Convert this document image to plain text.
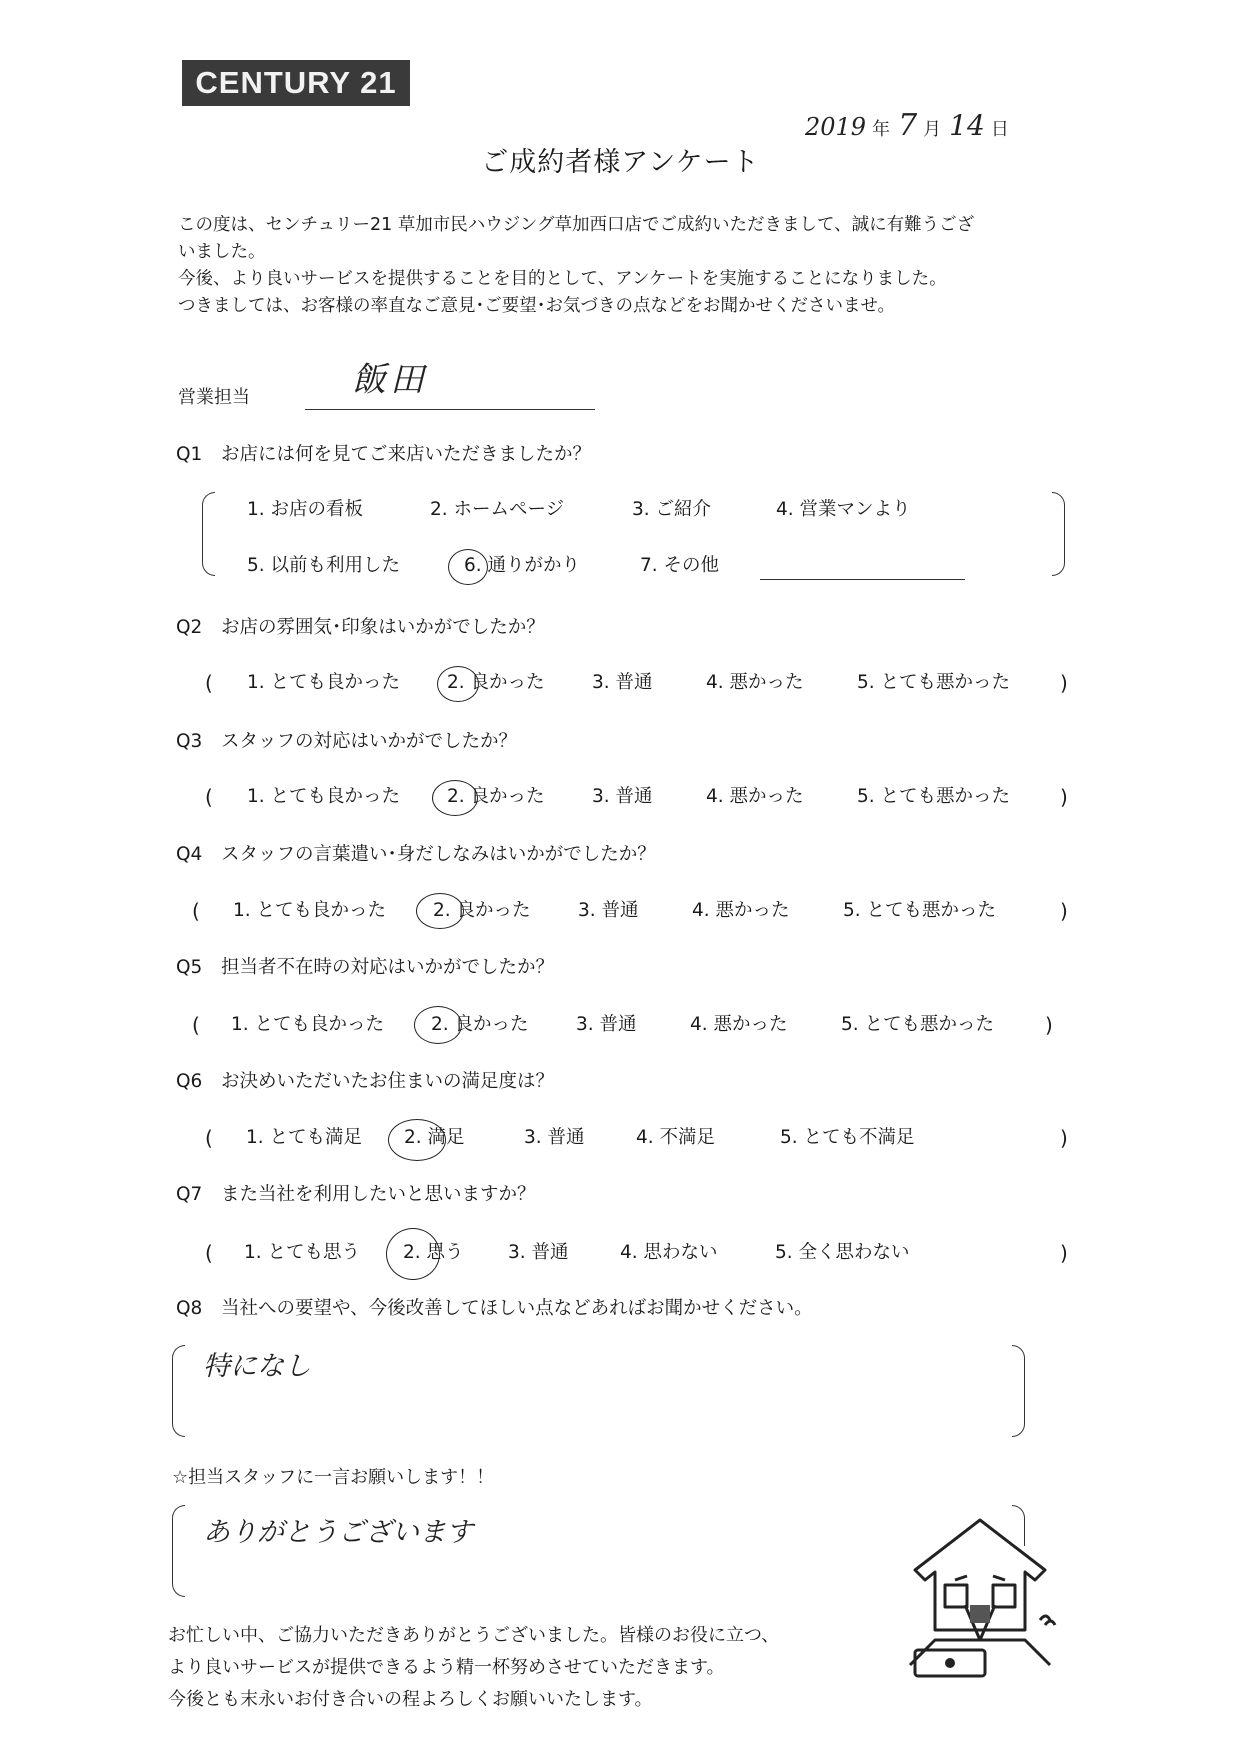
CENTURY 21
2019 年 7 月 14 日
ご成約者様アンケート

この度は、センチュリー21 草加市民ハウジング草加西口店でご成約いただきまして、誠に有難うござ

いました。

今後、より良いサービスを提供することを目的として、アンケートを実施することになりました。

つきましては、お客様の率直なご意見･ご要望･お気づきの点などをお聞かせくださいませ。

営業担当	飯田
Q1 お店には何を見てご来店いただきましたか？
1. お店の看板	2. ホームページ	3. ご紹介	4. 営業マンより
5. 以前も利用した	6. 通りがかり	7. その他
Q2 お店の雰囲気･印象はいかがでしたか？
( 1. とても良かった	2. 良かった	3. 普通	4. 悪かった	5. とても悪かった )
Q3 スタッフの対応はいかがでしたか？
( 1. とても良かった	2. 良かった	3. 普通	4. 悪かった	5. とても悪かった )
Q4 スタッフの言葉遣い･身だしなみはいかがでしたか？
( 1. とても良かった	2. 良かった	3. 普通	4. 悪かった	5. とても悪かった	)
Q5 担当者不在時の対応はいかがでしたか？
( 1. とても良かった	2. 良かった	3. 普通	4. 悪かった	5. とても悪かった	)
Q6 お決めいただいたお住まいの満足度は？
( 1. とても満足 2. 満足	3. 普通	4. 不満足	5. とても不満足	)
Q7 また当社を利用したいと思いますか？
( 1. とても思う 2. 思う 3. 普通	4. 思わない	5. 全く思わない	)
Q8 当社への要望や、今後改善してほしい点などあればお聞かせください。
特になし
☆担当スタッフに一言お願いします！！
ありがとうございます

お忙しい中、ご協力いただきありがとうございました。皆様のお役に立つ、

より良いサービスが提供できるよう精一杯努めさせていただきます。

今後とも末永いお付き合いの程よろしくお願いいたします。
